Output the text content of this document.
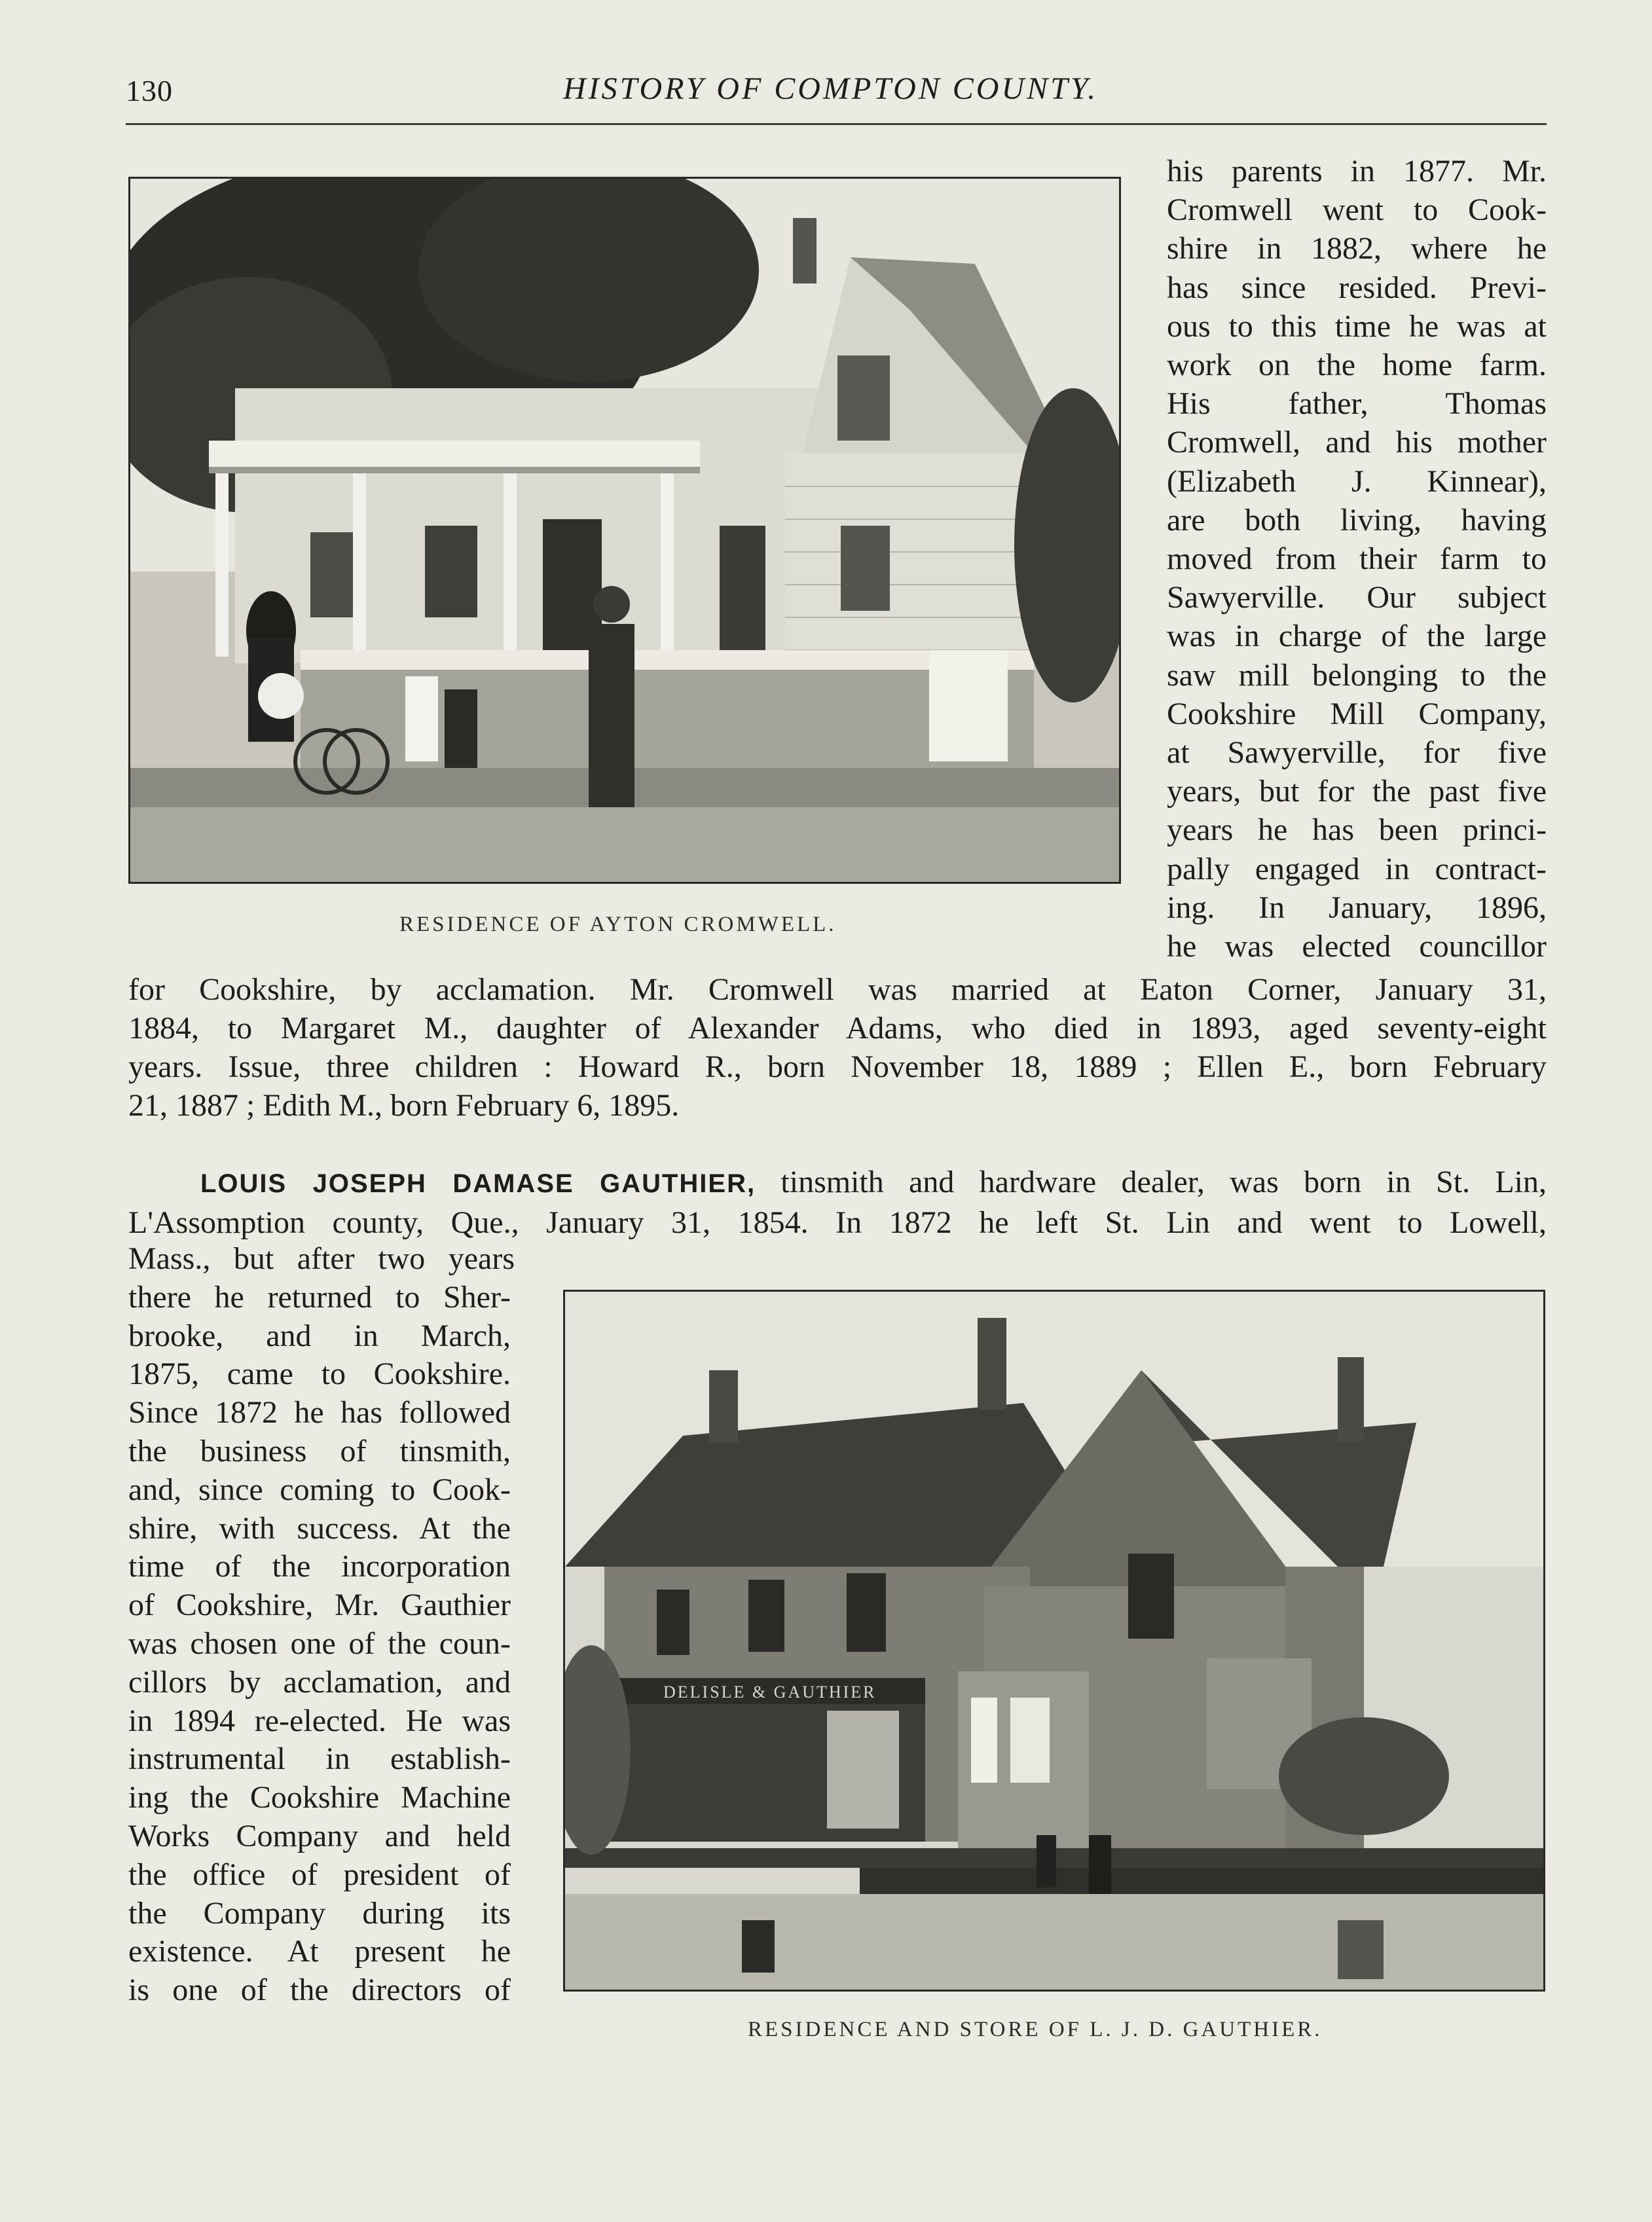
130	HISTORY OF COMPTON COUNTY.
RESIDENCE OF AYTON CROMWELL.
his parents in 1877. Mr.
Cromwell went to Cook-
shire in 1882, where he
has since resided. Previ-
ous to this time he was at
work on the home farm.
His father, Thomas
Cromwell, and his mother
(Elizabeth J. Kinnear),
are both living, having
moved from their farm to
Sawyerville. Our subject
was in charge of the large
saw mill belonging to the
Cookshire Mill Company,
at Sawyerville, for five
years, but for the past five
years he has been princi-
pally engaged in contract-
ing. In January, 1896,
he was elected councillor
for Cookshire, by acclamation. Mr. Cromwell was married at Eaton Corner, January 31,
1884, to Margaret M., daughter of Alexander Adams, who died in 1893, aged seventy-eight
years. Issue, three children : Howard R., born November 18, 1889 ; Ellen E., born February
21, 1887 ; Edith M., born February 6, 1895.
LOUIS JOSEPH DAMASE GAUTHIER, tinsmith and hardware dealer, was born in St. Lin,
L'Assomption county, Que., January 31, 1854. In 1872 he left St. Lin and went to Lowell,
Mass., but after two years
there he returned to Sher-
brooke, and in March,
1875, came to Cookshire.
Since 1872 he has followed
the business of tinsmith,
and, since coming to Cook-
shire, with success. At the
time of the incorporation
of Cookshire, Mr. Gauthier
was chosen one of the coun-
cillors by acclamation, and
in 1894 re-elected. He was
instrumental in establish-
ing the Cookshire Machine
Works Company and held
the office of president of
the Company during its
existence. At present he
is one of the directors of
DELISLE & GAUTHIER
RESIDENCE AND STORE OF L. J. D. GAUTHIER.
